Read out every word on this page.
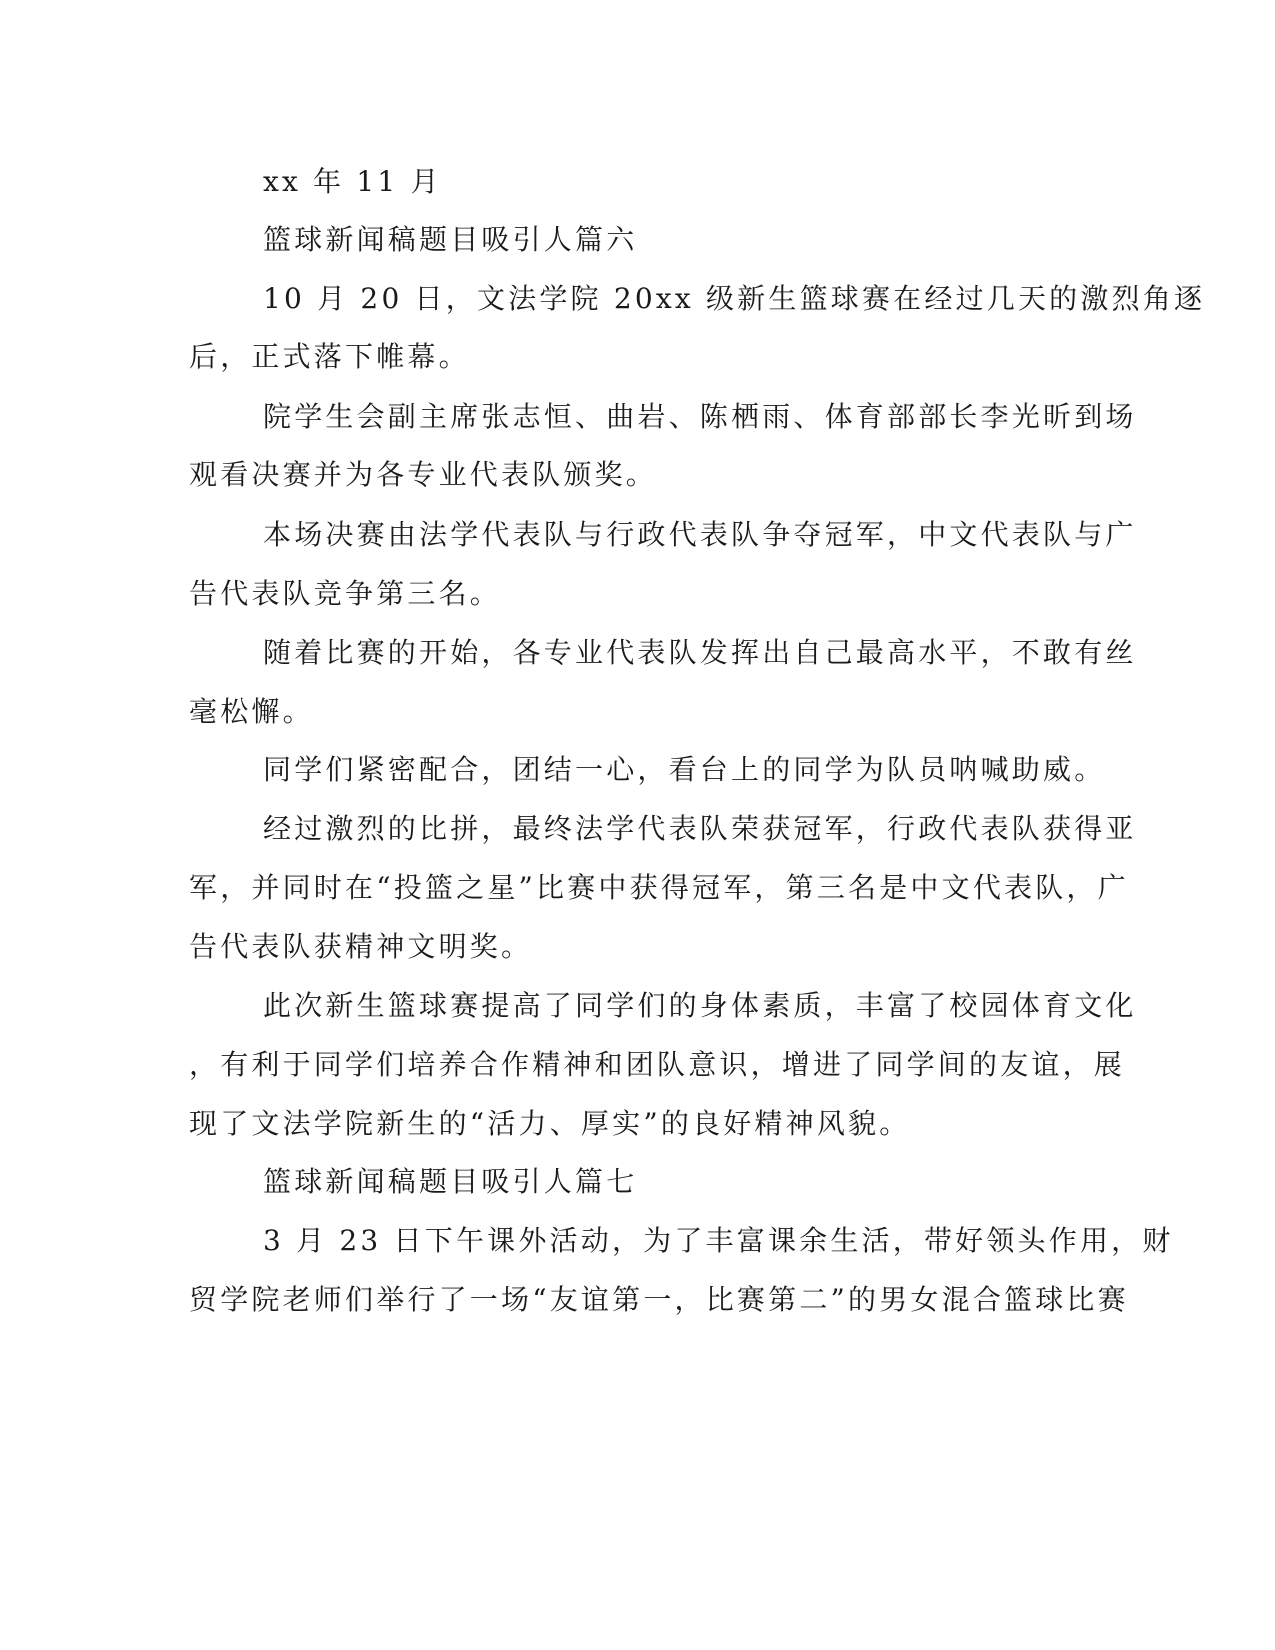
xx 年 11 月
篮球新闻稿题目吸引人篇六
10 月 20 日，文法学院 20xx 级新生篮球赛在经过几天的激烈角逐
后，正式落下帷幕。
院学生会副主席张志恒、曲岩、陈栖雨、体育部部长李光昕到场
观看决赛并为各专业代表队颁奖。
本场决赛由法学代表队与行政代表队争夺冠军，中文代表队与广
告代表队竞争第三名。
随着比赛的开始，各专业代表队发挥出自己最高水平，不敢有丝
毫松懈。
同学们紧密配合，团结一心，看台上的同学为队员呐喊助威。
经过激烈的比拼，最终法学代表队荣获冠军，行政代表队获得亚
军，并同时在“投篮之星”比赛中获得冠军，第三名是中文代表队，广
告代表队获精神文明奖。
此次新生篮球赛提高了同学们的身体素质，丰富了校园体育文化
，有利于同学们培养合作精神和团队意识，增进了同学间的友谊，展
现了文法学院新生的“活力、厚实”的良好精神风貌。
篮球新闻稿题目吸引人篇七
3 月 23 日下午课外活动，为了丰富课余生活，带好领头作用，财
贸学院老师们举行了一场“友谊第一，比赛第二”的男女混合篮球比赛
